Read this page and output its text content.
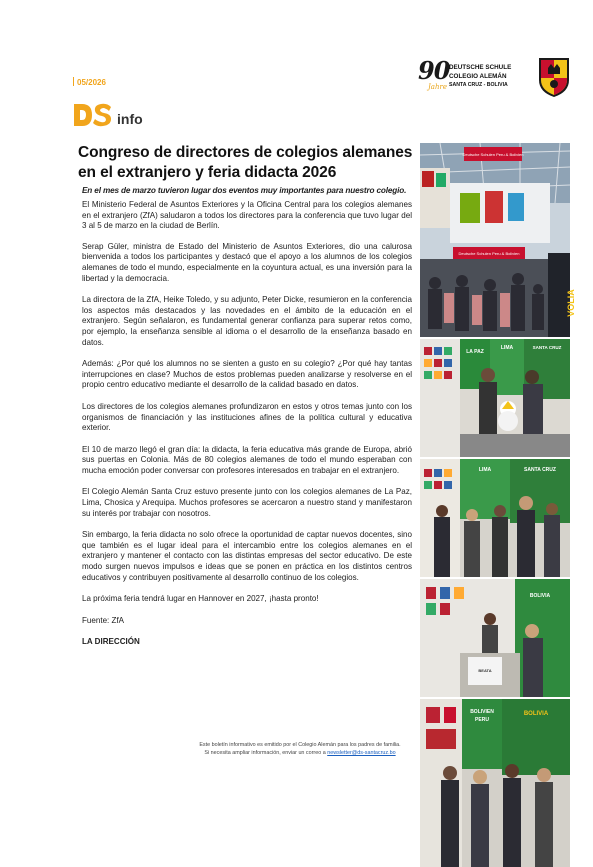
05/2026	90
Jahre
DEUTSCHE SCHULE
COLEGIO ALEMÁN
SANTA CRUZ - BOLIVIA
info
Congreso de directores de colegios alemanes en el extranjero y feria didacta 2026
En el mes de marzo tuvieron lugar dos eventos muy importantes para nuestro colegio.

El Ministerio Federal de Asuntos Exteriores y la Oficina Central para los colegios alemanes en el extranjero (ZfA) saludaron a todos los directores para la conferencia que tuvo lugar del 3 al 5 de marzo en la ciudad de Berlín.

Serap Güler, ministra de Estado del Ministerio de Asuntos Exteriores, dio una calurosa bienvenida a todos los participantes y destacó que el apoyo a los alumnos de los colegios alemanes de todo el mundo, especialmente en la coyuntura actual, es una inversión para la libertad y la democracia.

La directora de la ZfA, Heike Toledo, y su adjunto, Peter Dicke, resumieron en la conferencia los aspectos más destacados y las novedades en el ámbito de la educación en el extranjero. Según señalaron, es fundamental generar confianza para superar retos como, por ejemplo, la enseñanza sensible al idioma o el desarrollo de la enseñanza basado en datos.

Además: ¿Por qué los alumnos no se sienten a gusto en su colegio? ¿Por qué hay tantas interrupciones en clase? Muchos de estos problemas pueden analizarse y resolverse en el propio centro educativo mediante el desarrollo de la calidad basado en datos.

Los directores de los colegios alemanes profundizaron en estos y otros temas junto con los organismos de financiación y las instituciones afines de la política cultural y educativa exterior.

El 10 de marzo llegó el gran día: la didacta, la feria educativa más grande de Europa, abrió sus puertas en Colonia. Más de 80 colegios alemanes de todo el mundo esperaban con mucha emoción poder conversar con profesores interesados en trabajar en el extranjero.

El Colegio Alemán Santa Cruz estuvo presente junto con los colegios alemanes de La Paz, Lima, Chosica y Arequipa. Muchos profesores se acercaron a nuestro stand y manifestaron su interés por trabajar con nosotros.

Sin embargo, la feria didacta no solo ofrece la oportunidad de captar nuevos docentes, sino que también es el lugar ideal para el intercambio entre los colegios alemanes en el extranjero y mantener el contacto con las distintas empresas del sector educativo. De este modo surgen nuevos impulsos e ideas que se ponen en práctica en los distintos centros educativos y contribuyen positivamente al desarrollo continuo de los colegios.

La próxima feria tendrá lugar en Hannover en 2027, ¡hasta pronto!

Fuente: ZfA

LA DIRECCIÓN

Deutsche Schulen Peru & Bolivien
Deutsche Schulen Peru & Bolivien
VOLIA
LA PAZ
LIMA	SANTA CRUZ
LIMA	SANTA CRUZ
BOLIVIA
BEATA
BOLIVIEN
PERU
BOLIVIA
Este boletín informativo es emitido por el Colegio Alemán para los padres de familia.
Si necesita ampliar información, enviar un correo a newsletter@ds-santacruz.bo
